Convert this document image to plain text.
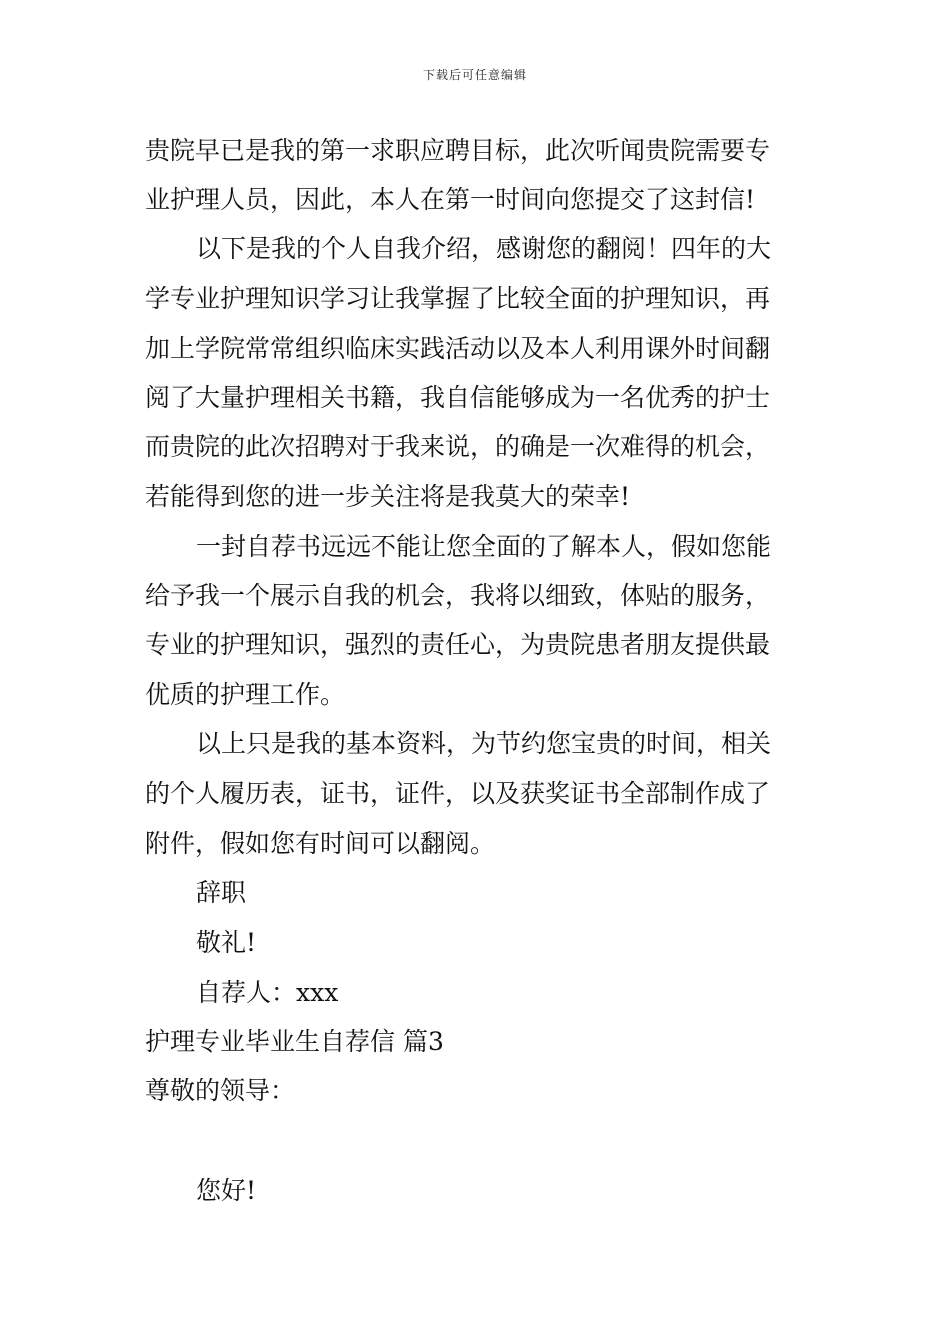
下载后可任意编辑
贵院早已是我的第一求职应聘目标，此次听闻贵院需要专
业护理人员，因此，本人在第一时间向您提交了这封信!
以下是我的个人自我介绍，感谢您的翻阅！四年的大
学专业护理知识学习让我掌握了比较全面的护理知识，再
加上学院常常组织临床实践活动以及本人利用课外时间翻
阅了大量护理相关书籍，我自信能够成为一名优秀的护士
而贵院的此次招聘对于我来说，的确是一次难得的机会，
若能得到您的进一步关注将是我莫大的荣幸!
一封自荐书远远不能让您全面的了解本人，假如您能
给予我一个展示自我的机会，我将以细致，体贴的服务，
专业的护理知识，强烈的责任心，为贵院患者朋友提供最
优质的护理工作。
以上只是我的基本资料，为节约您宝贵的时间，相关
的个人履历表，证书，证件，以及获奖证书全部制作成了
附件，假如您有时间可以翻阅。
辞职
敬礼!
自荐人：xxx
护理专业毕业生自荐信 篇3
尊敬的领导：
您好!
